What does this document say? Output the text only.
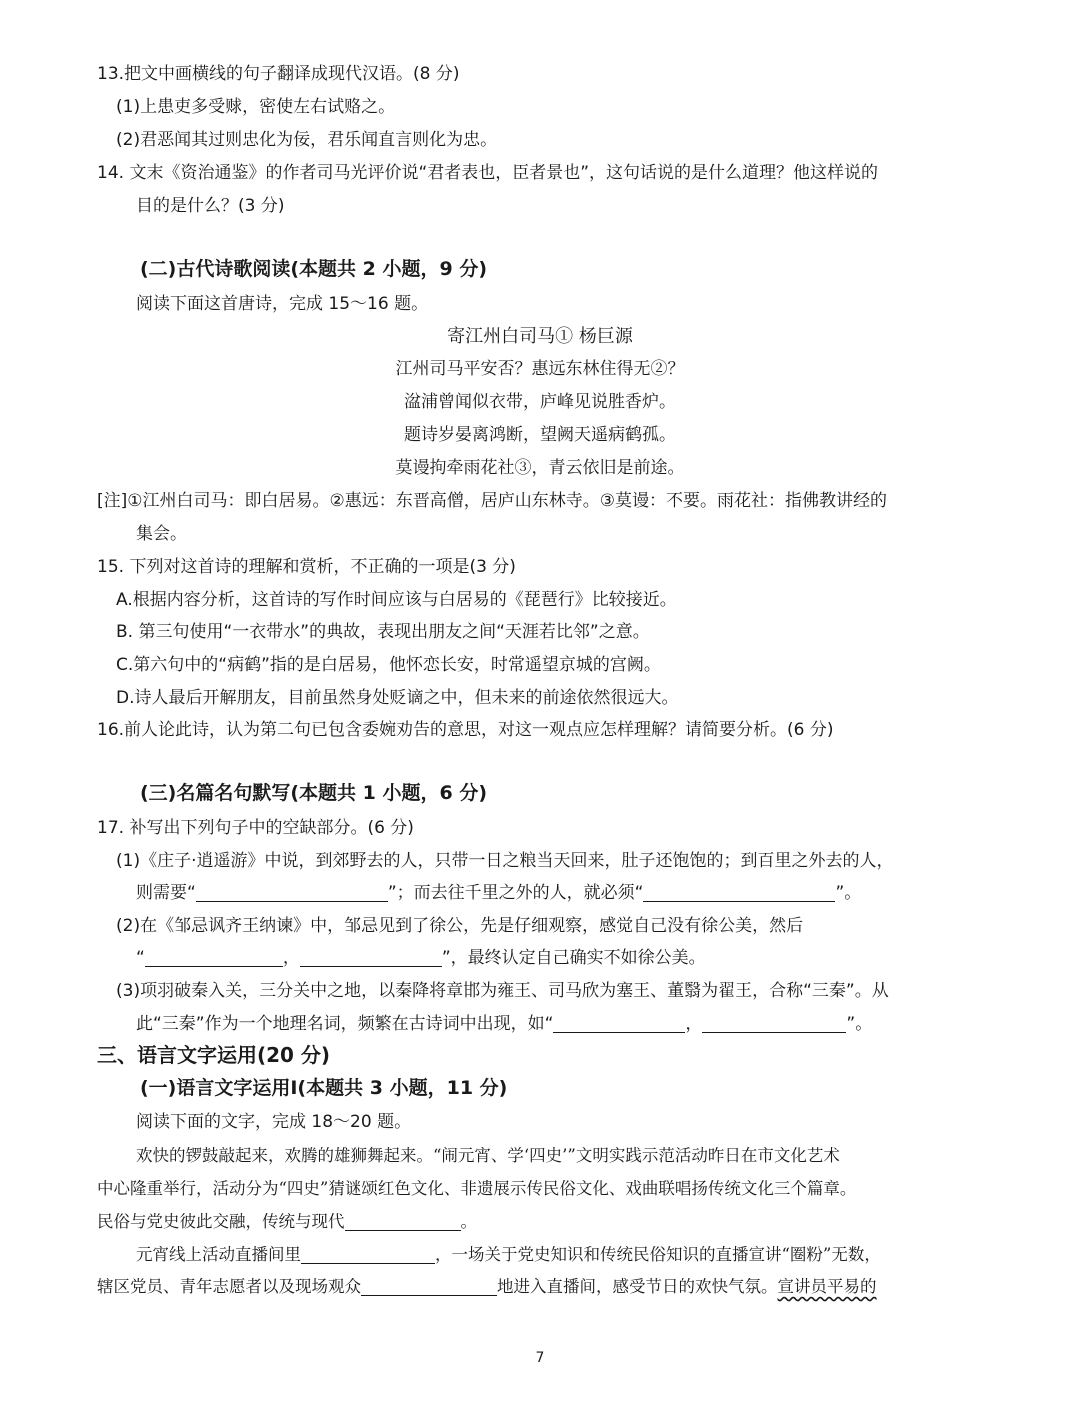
13.把文中画横线的句子翻译成现代汉语。(8 分)
(1)上患吏多受赇，密使左右试赂之。
(2)君恶闻其过则忠化为佞，君乐闻直言则化为忠。
14. 文末《资治通鉴》的作者司马光评价说“君者表也，臣者景也”，这句话说的是什么道理？他这样说的
目的是什么？(3 分)
(二)古代诗歌阅读(本题共 2 小题，9 分)
阅读下面这首唐诗，完成 15～16 题。
寄江州白司马① 杨巨源
江州司马平安否？惠远东林住得无②？
湓浦曾闻似衣带，庐峰见说胜香炉。
题诗岁晏离鸿断，望阙天遥病鹤孤。
莫谩拘牵雨花社③，青云依旧是前途。
[注]①江州白司马：即白居易。②惠远：东晋高僧，居庐山东林寺。③莫谩：不要。雨花社：指佛教讲经的
集会。
15. 下列对这首诗的理解和赏析，不正确的一项是(3 分)
A.根据内容分析，这首诗的写作时间应该与白居易的《琵琶行》比较接近。
B. 第三句使用“一衣带水”的典故，表现出朋友之间“天涯若比邻”之意。
C.第六句中的“病鹤”指的是白居易，他怀恋长安，时常遥望京城的宫阙。
D.诗人最后开解朋友，目前虽然身处贬谪之中，但未来的前途依然很远大。
16.前人论此诗，认为第二句已包含委婉劝告的意思，对这一观点应怎样理解？请简要分析。(6 分)
(三)名篇名句默写(本题共 1 小题，6 分)
17. 补写出下列句子中的空缺部分。(6 分)
(1)《庄子·逍遥游》中说，到郊野去的人，只带一日之粮当天回来，肚子还饱饱的；到百里之外去的人，
则需要“	”；而去往千里之外的人，就必须“	”。
(2)在《邹忌讽齐王纳谏》中，邹忌见到了徐公，先是仔细观察，感觉自己没有徐公美，然后
“	，	”，最终认定自己确实不如徐公美。
(3)项羽破秦入关，三分关中之地，以秦降将章邯为雍王、司马欣为塞王、董翳为翟王，合称“三秦”。从
此“三秦”作为一个地理名词，频繁在古诗词中出现，如“	，	”。
三、语言文字运用(20 分)
(一)语言文字运用Ⅰ(本题共 3 小题，11 分)
阅读下面的文字，完成 18～20 题。
欢快的锣鼓敲起来，欢腾的雄狮舞起来。“闹元宵、学‘四史’”文明实践示范活动昨日在市文化艺术
中心隆重举行，活动分为“四史”猜谜颂红色文化、非遗展示传民俗文化、戏曲联唱扬传统文化三个篇章。
民俗与党史彼此交融，传统与现代	。
元宵线上活动直播间里	，一场关于党史知识和传统民俗知识的直播宣讲“圈粉”无数，
辖区党员、青年志愿者以及现场观众	地进入直播间，感受节日的欢快气氛。宣讲员平易的
7
